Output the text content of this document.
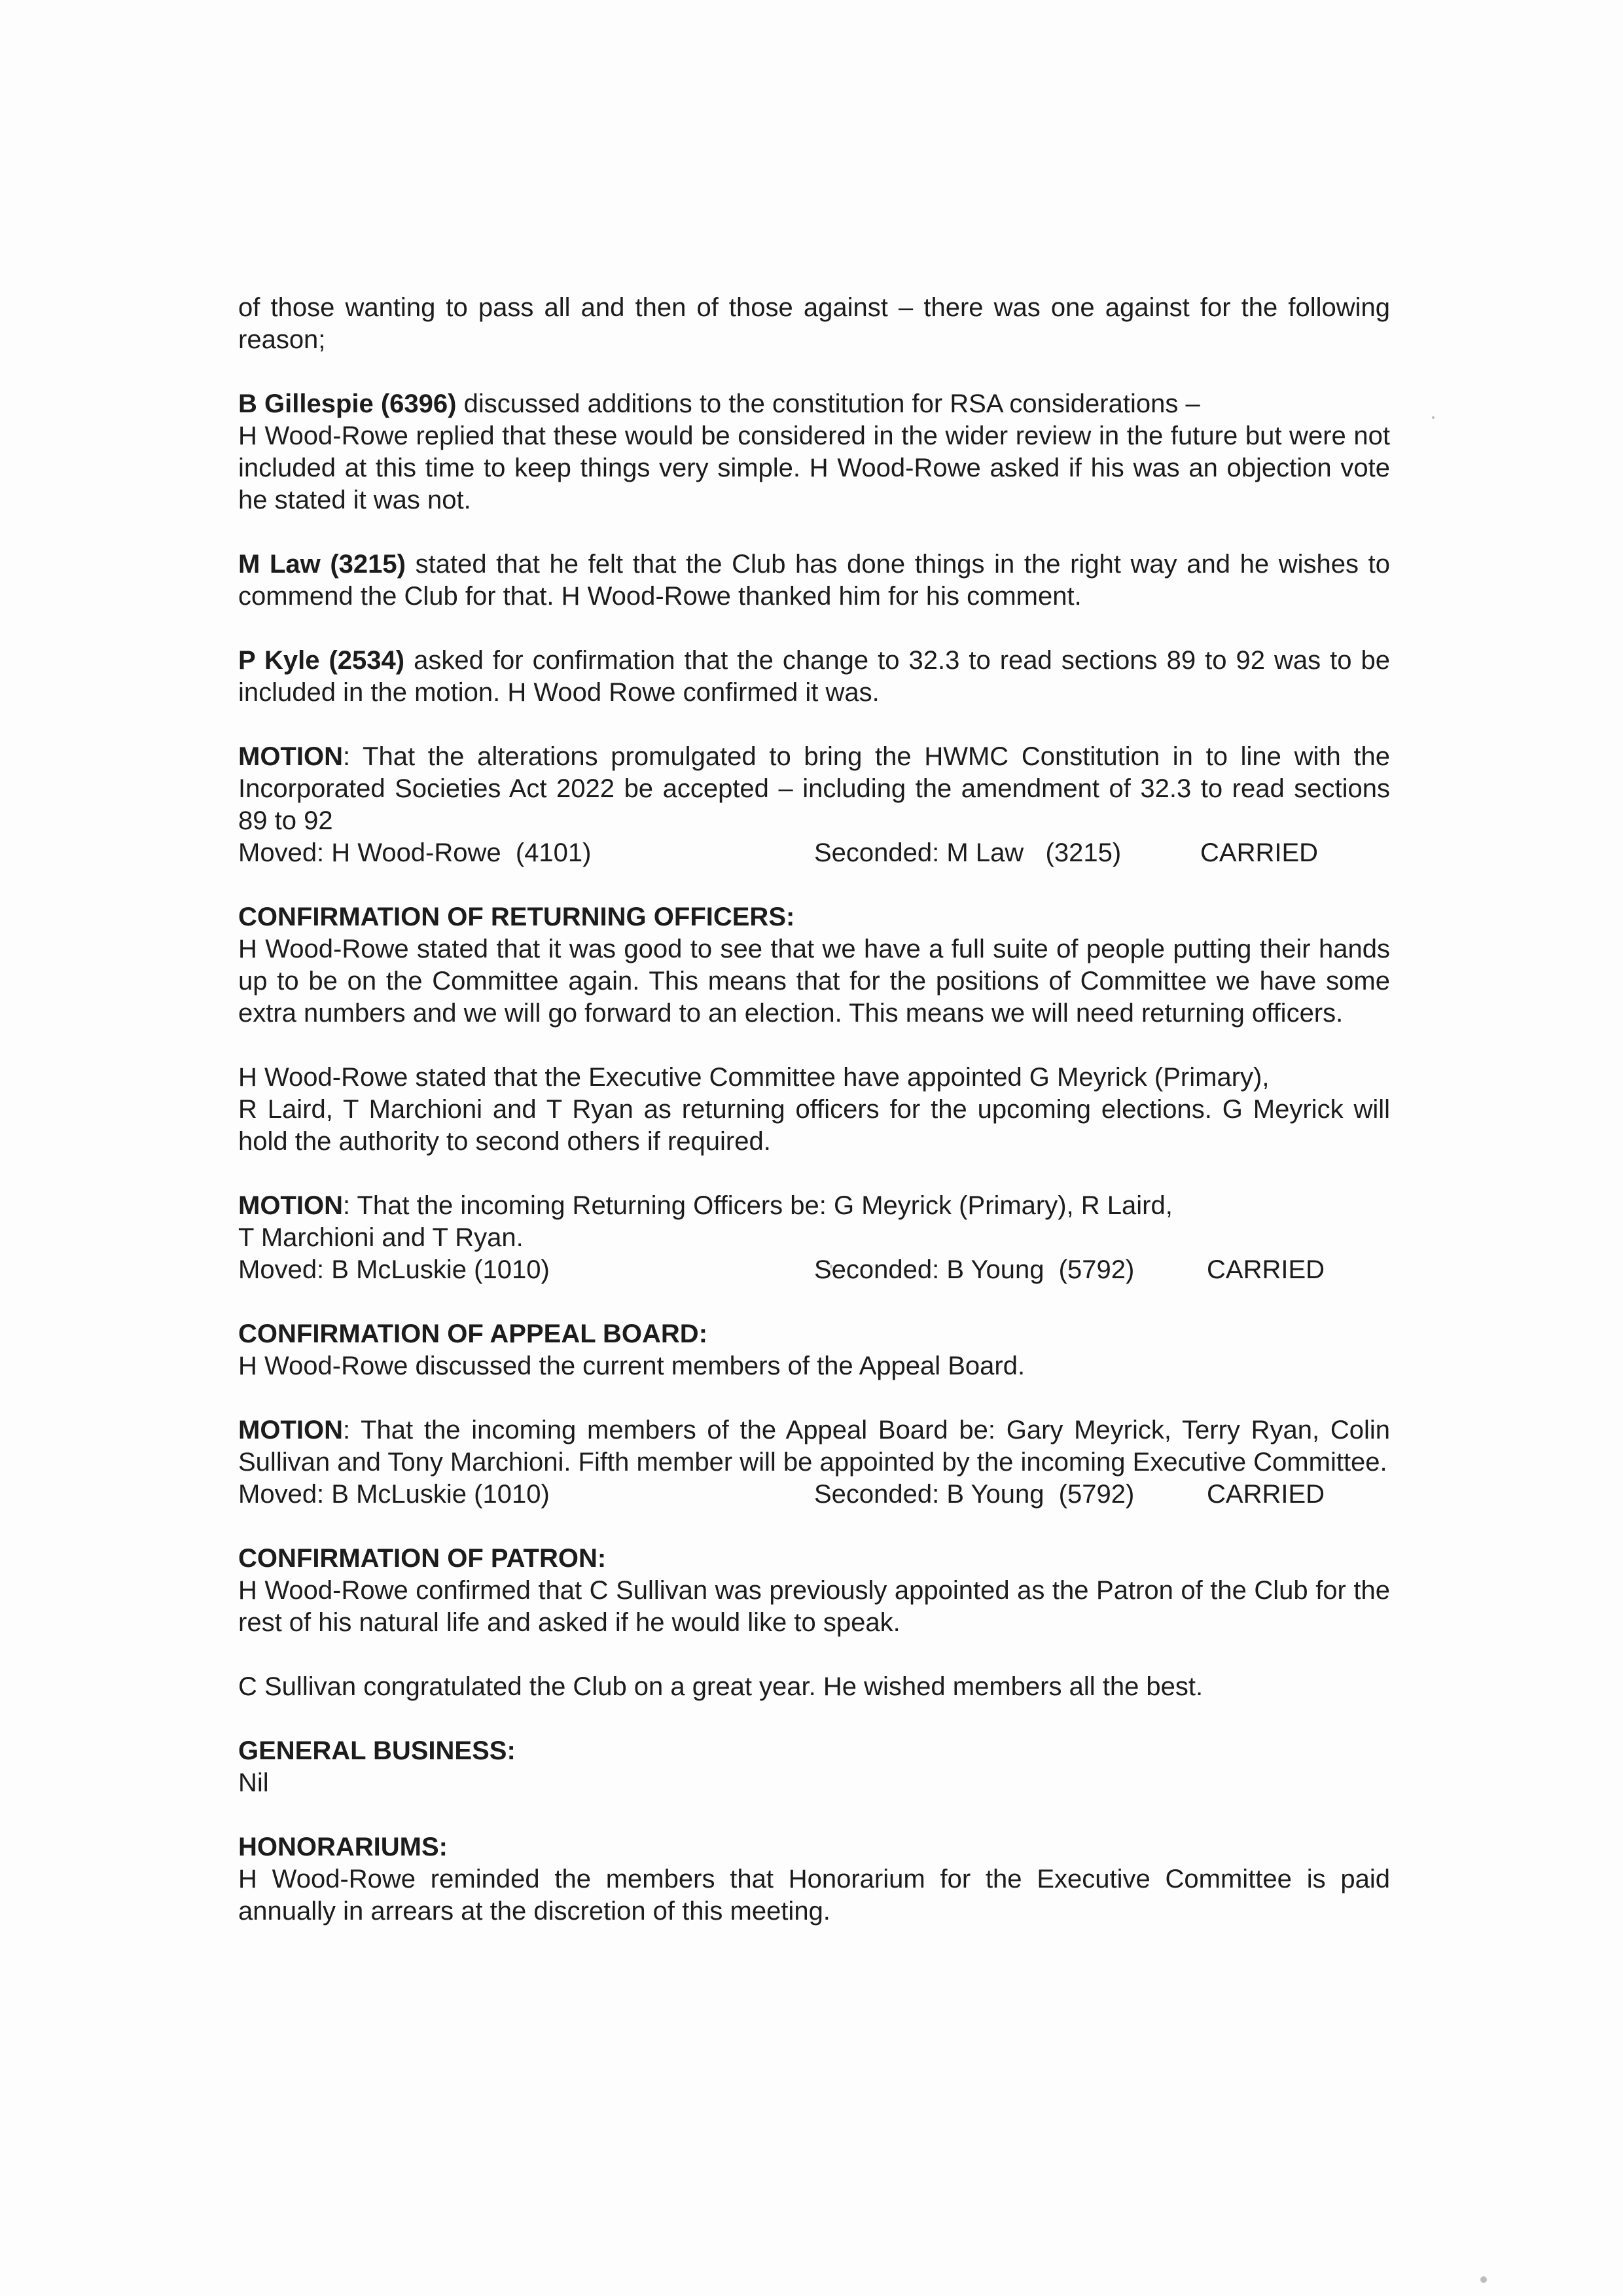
of those wanting to pass all and then of those against – there was one against for the following reason;

B Gillespie (6396) discussed additions to the constitution for RSA considerations –
H Wood-Rowe replied that these would be considered in the wider review in the future but were not included at this time to keep things very simple. H Wood-Rowe asked if his was an objection vote he stated it was not.

M Law (3215) stated that he felt that the Club has done things in the right way and he wishes to commend the Club for that. H Wood-Rowe thanked him for his comment.

P Kyle (2534) asked for confirmation that the change to 32.3 to read sections 89 to 92 was to be included in the motion. H Wood Rowe confirmed it was.

MOTION: That the alterations promulgated to bring the HWMC Constitution in to line with the Incorporated Societies Act 2022 be accepted – including the amendment of 32.3 to read sections 89 to 92
Moved: H Wood-Rowe  (4101)	Seconded: M Law   (3215)	CARRIED
CONFIRMATION OF RETURNING OFFICERS:
H Wood-Rowe stated that it was good to see that we have a full suite of people putting their hands up to be on the Committee again. This means that for the positions of Committee we have some extra numbers and we will go forward to an election. This means we will need returning officers.
H Wood-Rowe stated that the Executive Committee have appointed G Meyrick (Primary),
R Laird, T Marchioni and T Ryan as returning officers for the upcoming elections. G Meyrick will hold the authority to second others if required.
MOTION: That the incoming Returning Officers be: G Meyrick (Primary), R Laird,
T Marchioni and T Ryan.
Moved: B McLuskie (1010)	Seconded: B Young  (5792)	CARRIED
CONFIRMATION OF APPEAL BOARD:
H Wood-Rowe discussed the current members of the Appeal Board.
MOTION: That the incoming members of the Appeal Board be: Gary Meyrick, Terry Ryan, Colin Sullivan and Tony Marchioni. Fifth member will be appointed by the incoming Executive Committee.
Moved: B McLuskie (1010)	Seconded: B Young  (5792)	CARRIED
CONFIRMATION OF PATRON:
H Wood-Rowe confirmed that C Sullivan was previously appointed as the Patron of the Club for the rest of his natural life and asked if he would like to speak.

C Sullivan congratulated the Club on a great year. He wished members all the best.

GENERAL BUSINESS:
Nil
HONORARIUMS:
H Wood-Rowe reminded the members that Honorarium for the Executive Committee is paid annually in arrears at the discretion of this meeting.
